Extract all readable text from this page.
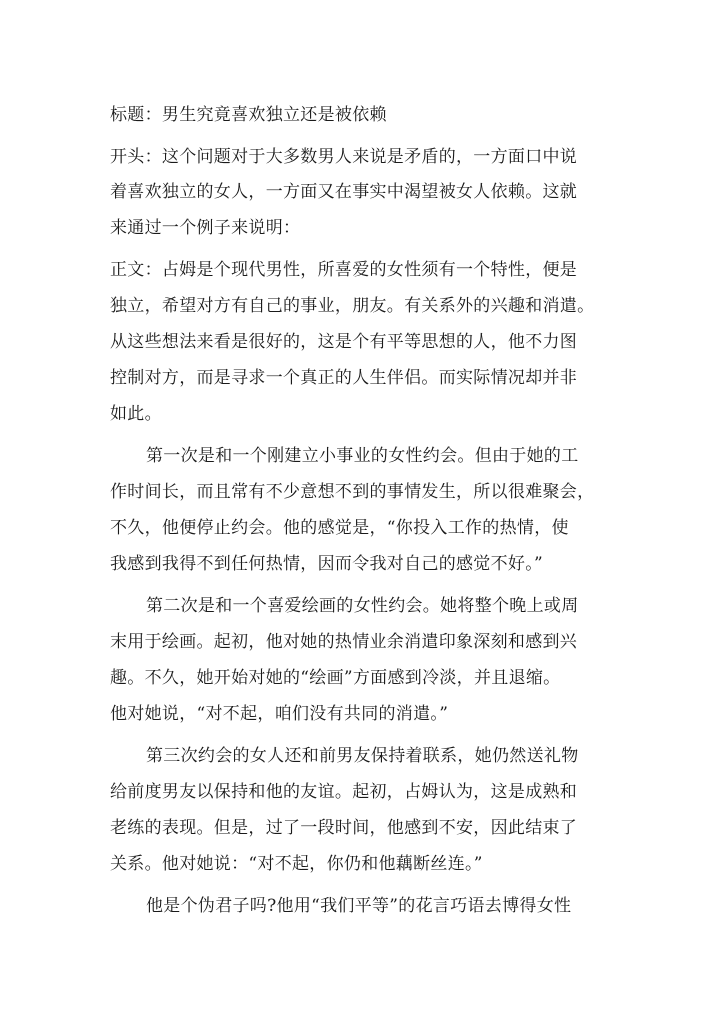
标题：男生究竟喜欢独立还是被依赖
开头：这个问题对于大多数男人来说是矛盾的，一方面口中说
着喜欢独立的女人，一方面又在事实中渴望被女人依赖。这就
来通过一个例子来说明：
正文：占姆是个现代男性，所喜爱的女性须有一个特性，便是
独立，希望对方有自己的事业，朋友。有关系外的兴趣和消遣。
从这些想法来看是很好的，这是个有平等思想的人，他不力图
控制对方，而是寻求一个真正的人生伴侣。而实际情况却并非
如此。
第一次是和一个刚建立小事业的女性约会。但由于她的工
作时间长，而且常有不少意想不到的事情发生，所以很难聚会，
不久，他便停止约会。他的感觉是，“你投入工作的热情，使
我感到我得不到任何热情，因而令我对自己的感觉不好。”
第二次是和一个喜爱绘画的女性约会。她将整个晚上或周
末用于绘画。起初，他对她的热情业余消遣印象深刻和感到兴
趣。不久，她开始对她的“绘画”方面感到冷淡，并且退缩。
他对她说，“对不起，咱们没有共同的消遣。”
第三次约会的女人还和前男友保持着联系，她仍然送礼物
给前度男友以保持和他的友谊。起初，占姆认为，这是成熟和
老练的表现。但是，过了一段时间，他感到不安，因此结束了
关系。他对她说：“对不起，你仍和他藕断丝连。”
他是个伪君子吗?他用“我们平等”的花言巧语去博得女性
